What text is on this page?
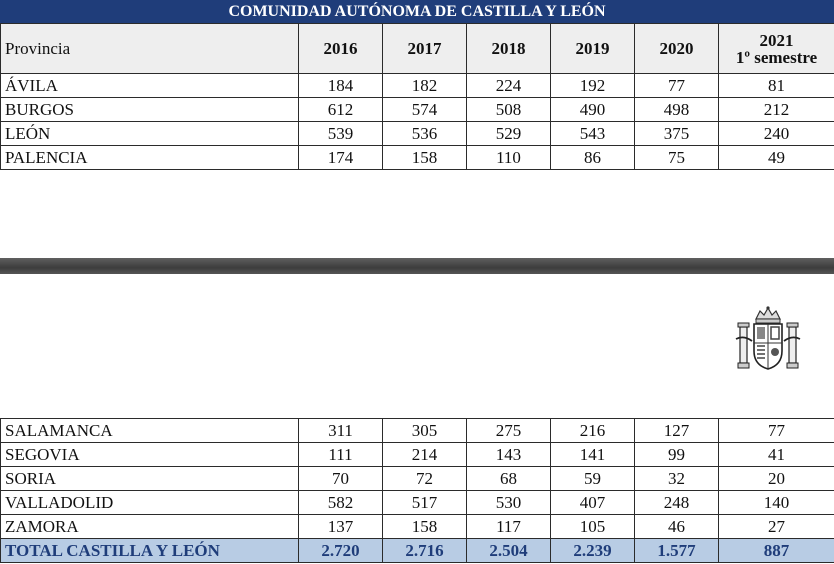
COMUNIDAD AUTÓNOMA DE CASTILLA Y LEÓN
Provincia	2016	2017	2018	2019	2020	2021
1º semestre
ÁVILA	184	182	224	192	77	81
BURGOS	612	574	508	490	498	212
LEÓN	539	536	529	543	375	240
PALENCIA	174	158	110	86	75	49
SALAMANCA	311	305	275	216	127	77
SEGOVIA	111	214	143	141	99	41
SORIA	70	72	68	59	32	20
VALLADOLID	582	517	530	407	248	140
ZAMORA	137	158	117	105	46	27
TOTAL CASTILLA Y LEÓN	2.720	2.716	2.504	2.239	1.577	887
